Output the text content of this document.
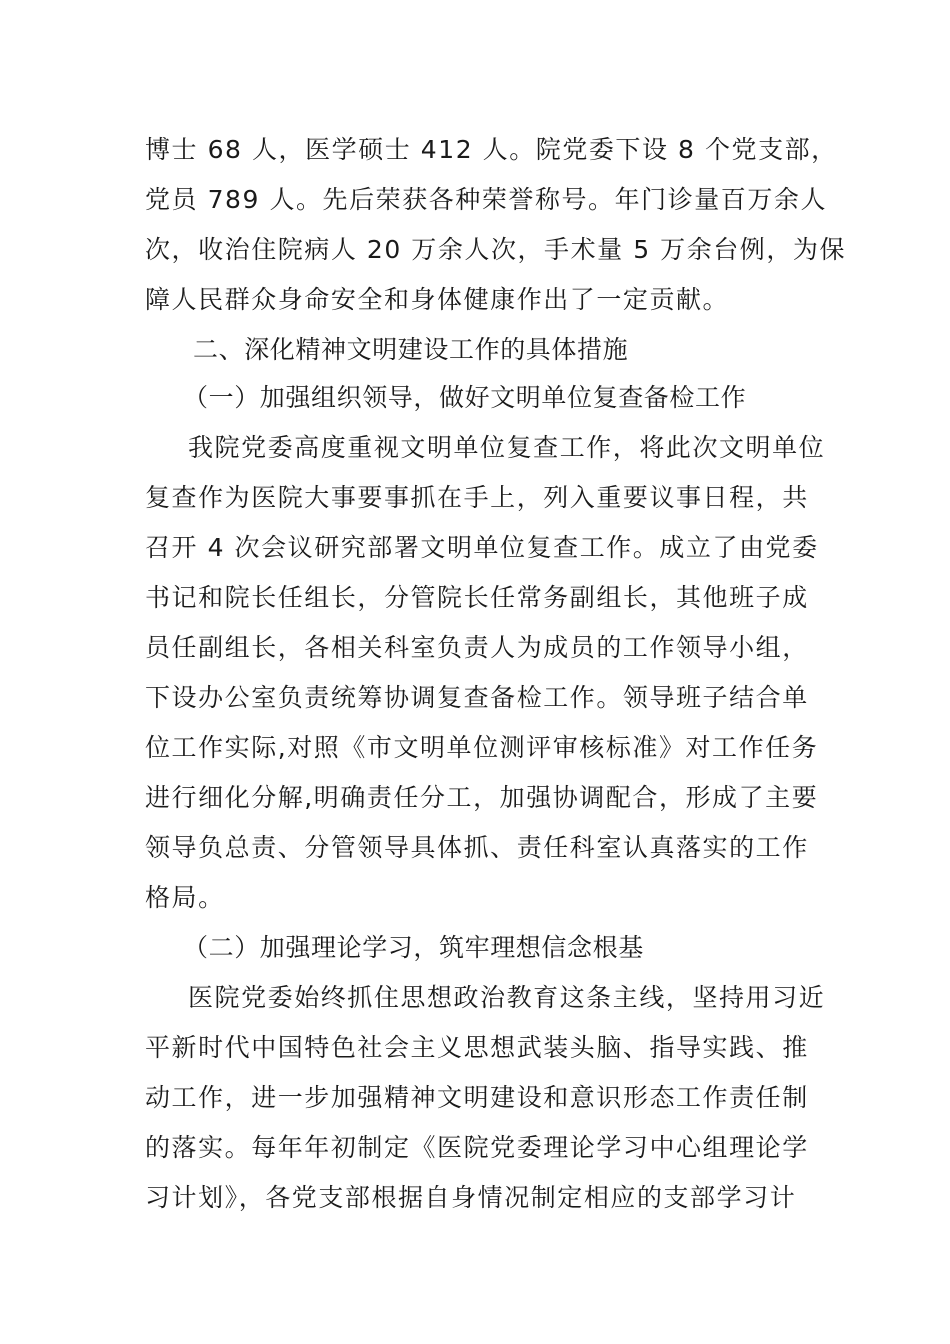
博士 68 人，医学硕士 412 人。院党委下设 8 个党支部，
党员 789 人。先后荣获各种荣誉称号。年门诊量百万余人
次，收治住院病人 20 万余人次，手术量 5 万余台例，为保
障人民群众身命安全和身体健康作出了一定贡献。
二、深化精神文明建设工作的具体措施
（一）加强组织领导，做好文明单位复查备检工作
我院党委高度重视文明单位复查工作，将此次文明单位
复查作为医院大事要事抓在手上，列入重要议事日程，共
召开 4 次会议研究部署文明单位复查工作。成立了由党委
书记和院长任组长，分管院长任常务副组长，其他班子成
员任副组长，各相关科室负责人为成员的工作领导小组，
下设办公室负责统筹协调复查备检工作。领导班子结合单
位工作实际,对照《市文明单位测评审核标准》对工作任务
进行细化分解,明确责任分工，加强协调配合，形成了主要
领导负总责、分管领导具体抓、责任科室认真落实的工作
格局。
（二）加强理论学习，筑牢理想信念根基
医院党委始终抓住思想政治教育这条主线，坚持用习近
平新时代中国特色社会主义思想武装头脑、指导实践、推
动工作，进一步加强精神文明建设和意识形态工作责任制
的落实。每年年初制定《医院党委理论学习中心组理论学
习计划》，各党支部根据自身情况制定相应的支部学习计
